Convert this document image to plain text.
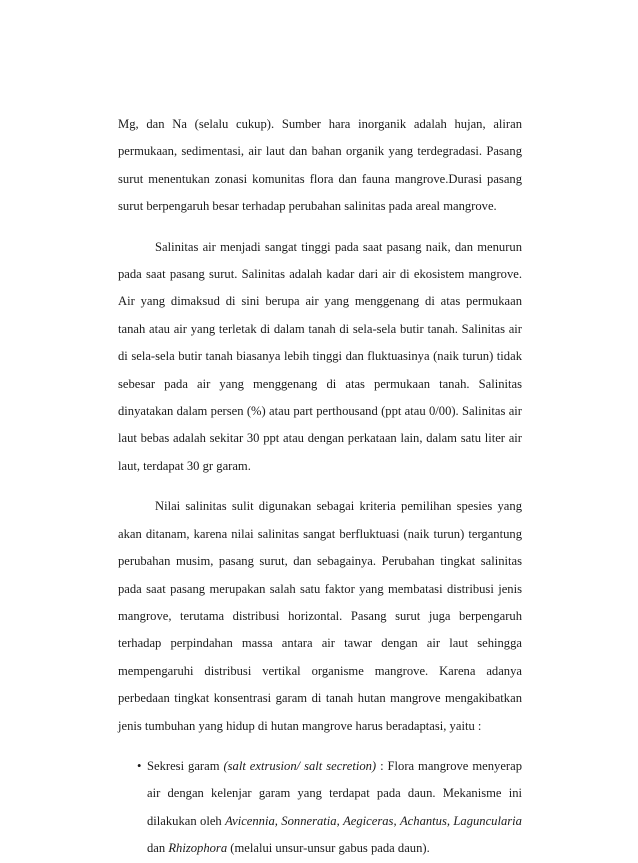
Mg, dan Na (selalu cukup). Sumber hara inorganik adalah hujan, aliran permukaan, sedimentasi, air laut dan bahan organik yang terdegradasi. Pasang surut menentukan zonasi komunitas flora dan fauna mangrove.Durasi pasang surut berpengaruh besar terhadap perubahan salinitas pada areal mangrove.

Salinitas air menjadi sangat tinggi pada saat pasang naik, dan menurun pada saat pasang surut. Salinitas adalah kadar dari air di ekosistem mangrove. Air yang dimaksud di sini berupa air yang menggenang di atas permukaan tanah atau air yang terletak di dalam tanah di sela-sela butir tanah. Salinitas air di sela-sela butir tanah biasanya lebih tinggi dan fluktuasinya (naik turun) tidak sebesar pada air yang menggenang di atas permukaan tanah. Salinitas dinyatakan dalam persen (%) atau part perthousand (ppt atau 0/00). Salinitas air laut bebas adalah sekitar 30 ppt atau dengan perkataan lain, dalam satu liter air laut, terdapat 30 gr garam.

Nilai salinitas sulit digunakan sebagai kriteria pemilihan spesies yang akan ditanam, karena nilai salinitas sangat berfluktuasi (naik turun) tergantung perubahan musim, pasang surut, dan sebagainya. Perubahan tingkat salinitas pada saat pasang merupakan salah satu faktor yang membatasi distribusi jenis mangrove, terutama distribusi horizontal. Pasang surut juga berpengaruh terhadap perpindahan massa antara air tawar dengan air laut sehingga mempengaruhi distribusi vertikal organisme mangrove. Karena adanya perbedaan tingkat konsentrasi garam di tanah hutan mangrove mengakibatkan jenis tumbuhan yang hidup di hutan mangrove harus beradaptasi, yaitu :

• Sekresi garam (salt extrusion/ salt secretion) : Flora mangrove menyerap air dengan kelenjar garam yang terdapat pada daun. Mekanisme ini dilakukan oleh Avicennia, Sonneratia, Aegiceras, Achantus, Laguncularia dan Rhizophora (melalui unsur-unsur gabus pada daun).
